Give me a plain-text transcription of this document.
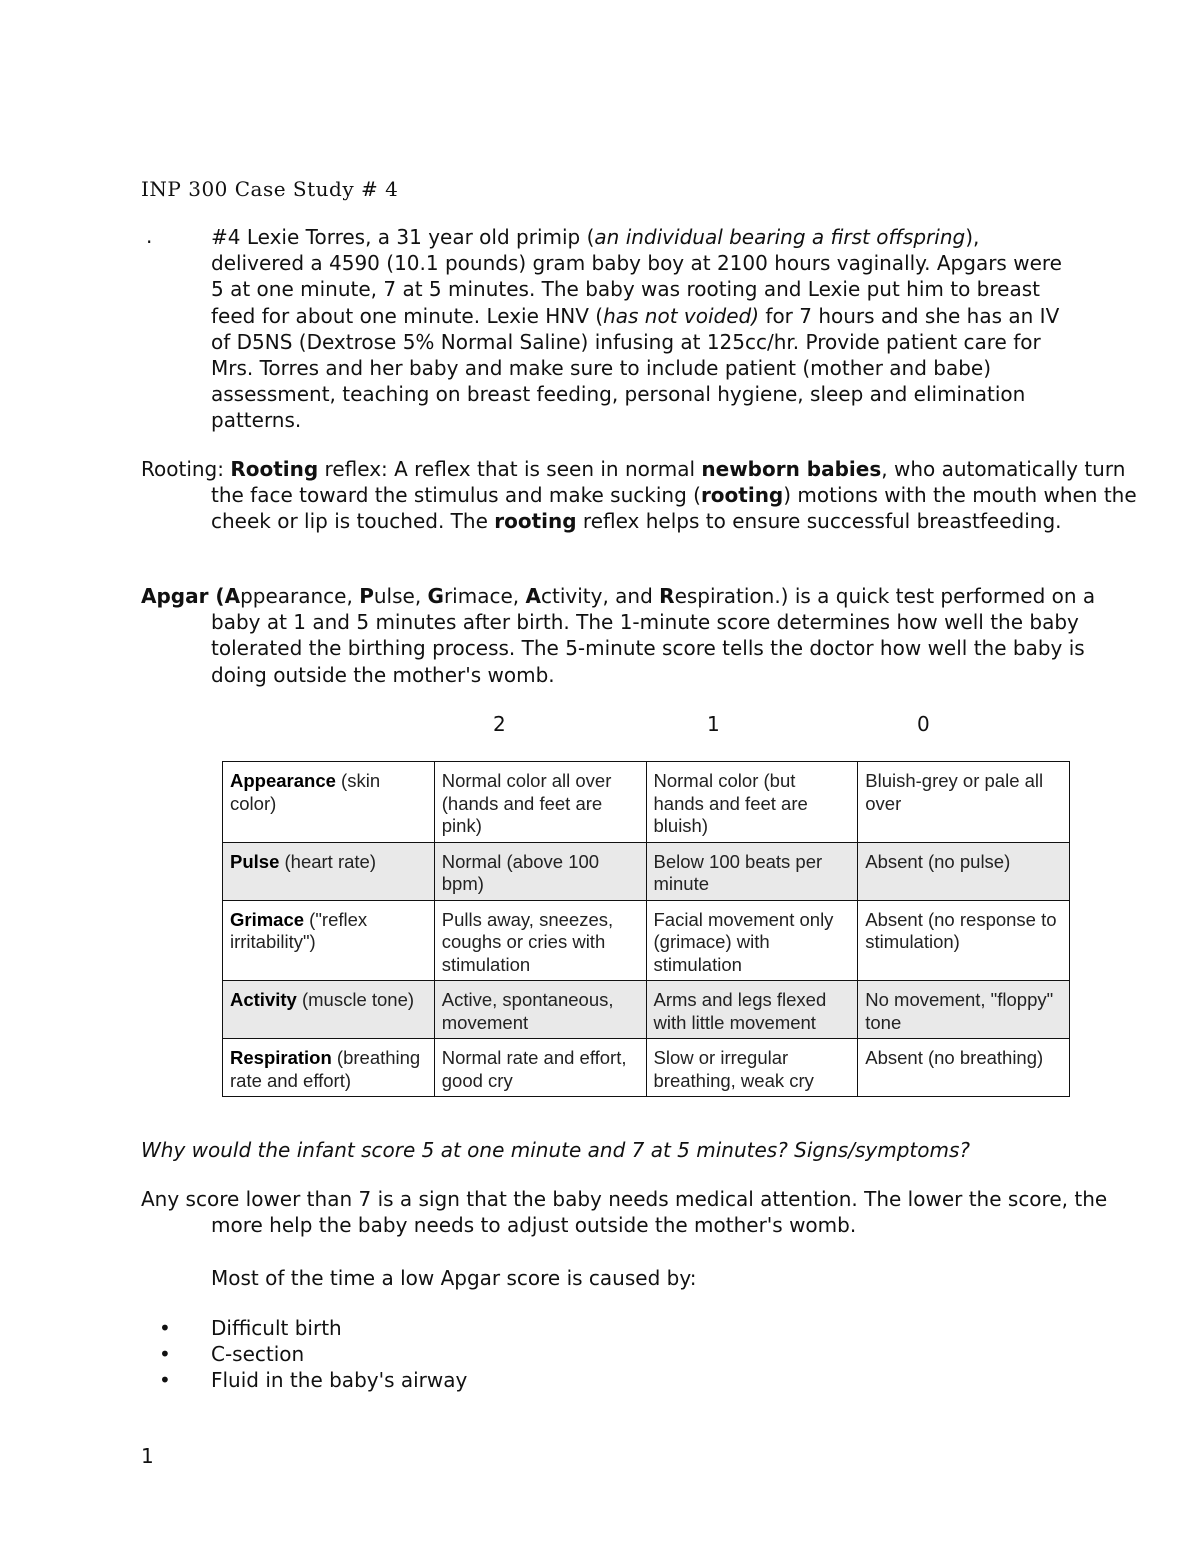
INP 300 Case Study # 4
.	#4 Lexie Torres, a 31 year old primip (an individual bearing a first offspring), delivered a 4590 (10.1 pounds) gram baby boy at 2100 hours vaginally. Apgars were 5 at one minute, 7 at 5 minutes. The baby was rooting and Lexie put him to breast feed for about one minute. Lexie HNV (has not voided) for 7 hours and she has an IV of D5NS (Dextrose 5% Normal Saline) infusing at 125cc/hr. Provide patient care for Mrs. Torres and her baby and make sure to include patient (mother and babe) assessment, teaching on breast feeding, personal hygiene, sleep and elimination patterns.
Rooting: Rooting reflex: A reflex that is seen in normal newborn babies, who automatically turn the face toward the stimulus and make sucking (rooting) motions with the mouth when the cheek or lip is touched. The rooting reflex helps to ensure successful breastfeeding.
Apgar (Appearance, Pulse, Grimace, Activity, and Respiration.) is a quick test performed on a baby at 1 and 5 minutes after birth. The 1-minute score determines how well the baby tolerated the birthing process. The 5-minute score tells the doctor how well the baby is doing outside the mother's womb.
2	1	0
Appearance (skin color)	Normal color all over (hands and feet are pink)	Normal color (but hands and feet are bluish)	Bluish-grey or pale all over
Pulse (heart rate)	Normal (above 100 bpm)	Below 100 beats per minute	Absent (no pulse)
Grimace ("reflex irritability")	Pulls away, sneezes, coughs or cries with stimulation	Facial movement only (grimace) with stimulation	Absent (no response to stimulation)
Activity (muscle tone)	Active, spontaneous, movement	Arms and legs flexed with little movement	No movement, "floppy" tone
Respiration (breathing rate and effort)	Normal rate and effort, good cry	Slow or irregular breathing, weak cry	Absent (no breathing)
Why would the infant score 5 at one minute and 7 at 5 minutes? Signs/symptoms?
Any score lower than 7 is a sign that the baby needs medical attention. The lower the score, the more help the baby needs to adjust outside the mother's womb.
Most of the time a low Apgar score is caused by:
• Difficult birth
• C-section
• Fluid in the baby's airway
1
